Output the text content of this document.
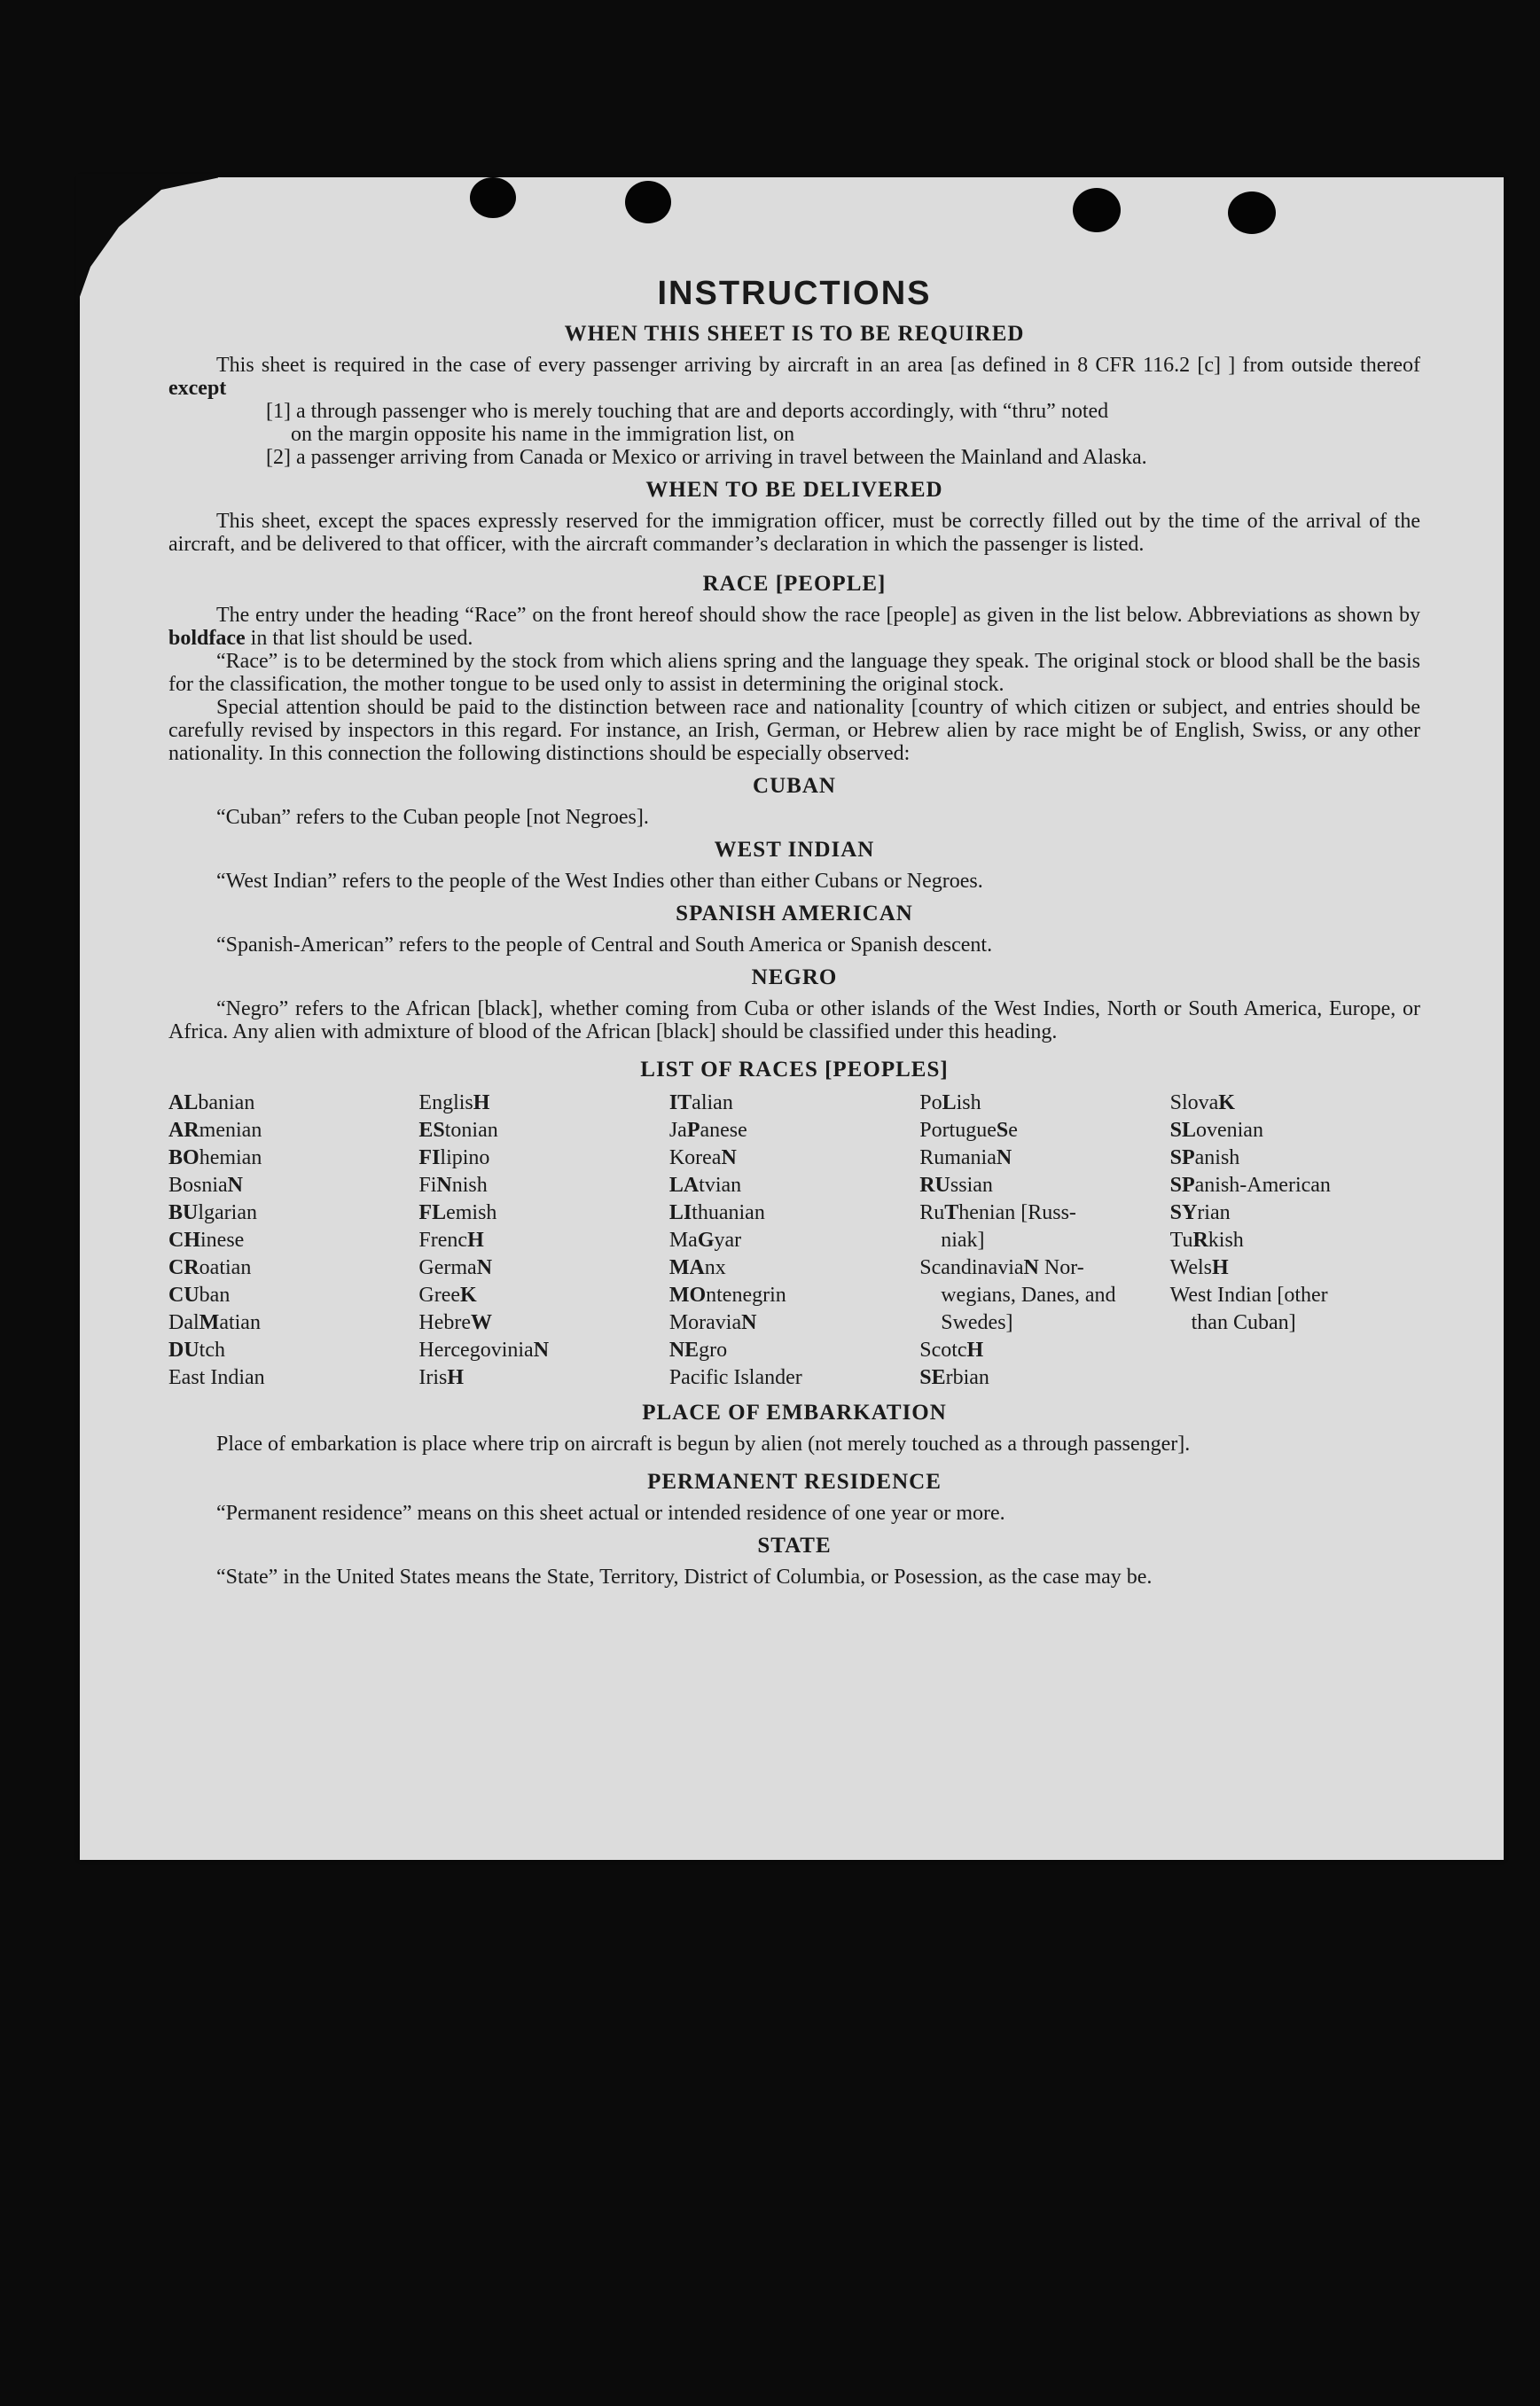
INSTRUCTIONS
WHEN THIS SHEET IS TO BE REQUIRED

This sheet is required in the case of every passenger arriving by aircraft in an area [as defined in 8 CFR 116.2 [c] ] from outside thereof except

[1] a through passenger who is merely touching that are and deports accordingly, with “thru” noted
on the margin opposite his name in the immigration list, on
[2] a passenger arriving from Canada or Mexico or arriving in travel between the Mainland and Alaska.
WHEN TO BE DELIVERED

This sheet, except the spaces expressly reserved for the immigration officer, must be correctly filled out by the time of the arrival of the aircraft, and be delivered to that officer, with the aircraft commander’s declaration in which the passenger is listed.

RACE [PEOPLE]

The entry under the heading “Race” on the front hereof should show the race [people] as given in the list below. Abbreviations as shown by boldface in that list should be used.

“Race” is to be determined by the stock from which aliens spring and the language they speak. The original stock or blood shall be the basis for the classification, the mother tongue to be used only to assist in determining the original stock.

Special attention should be paid to the distinction between race and nationality [country of which citizen or subject, and entries should be carefully revised by inspectors in this regard. For instance, an Irish, German, or Hebrew alien by race might be of English, Swiss, or any other nationality. In this connection the following distinctions should be especially observed:

CUBAN

“Cuban” refers to the Cuban people [not Negroes].

WEST INDIAN

“West Indian” refers to the people of the West Indies other than either Cubans or Negroes.

SPANISH AMERICAN

“Spanish-American” refers to the people of Central and South America or Spanish descent.

NEGRO

“Negro” refers to the African [black], whether coming from Cuba or other islands of the West Indies, North or South America, Europe, or Africa. Any alien with admixture of blood of the African [black] should be classified under this heading.

LIST OF RACES [PEOPLES]
ALbanian
ARmenian
BOhemian
BosniaN
BUlgarian
CHinese
CRoatian
CUban
DalMatian
DUtch
East Indian
EnglisH
EStonian
FIlipino
FiNnish
FLemish
FrencH
GermaN
GreeK
HebreW
HercegoviniaN
IrisH
ITalian
JaPanese
KoreaN
LAtvian
LIthuanian
MaGyar
MAnx
MOntenegrin
MoraviaN
NEgro
Pacific Islander
PoLish
PortugueSe
RumaniaN
RUssian
RuThenian [Russ-
niak]
ScandinaviaN Nor-
wegians, Danes, and Swedes]
ScotcH
SErbian
SlovaK
SLovenian
SPanish
SPanish-American
SYrian
TuRkish
WelsH
West Indian [other
than Cuban]
PLACE OF EMBARKATION

Place of embarkation is place where trip on aircraft is begun by alien (not merely touched as a through passenger].

PERMANENT RESIDENCE

“Permanent residence” means on this sheet actual or intended residence of one year or more.

STATE

“State” in the United States means the State, Territory, District of Columbia, or Posession, as the case may be.
